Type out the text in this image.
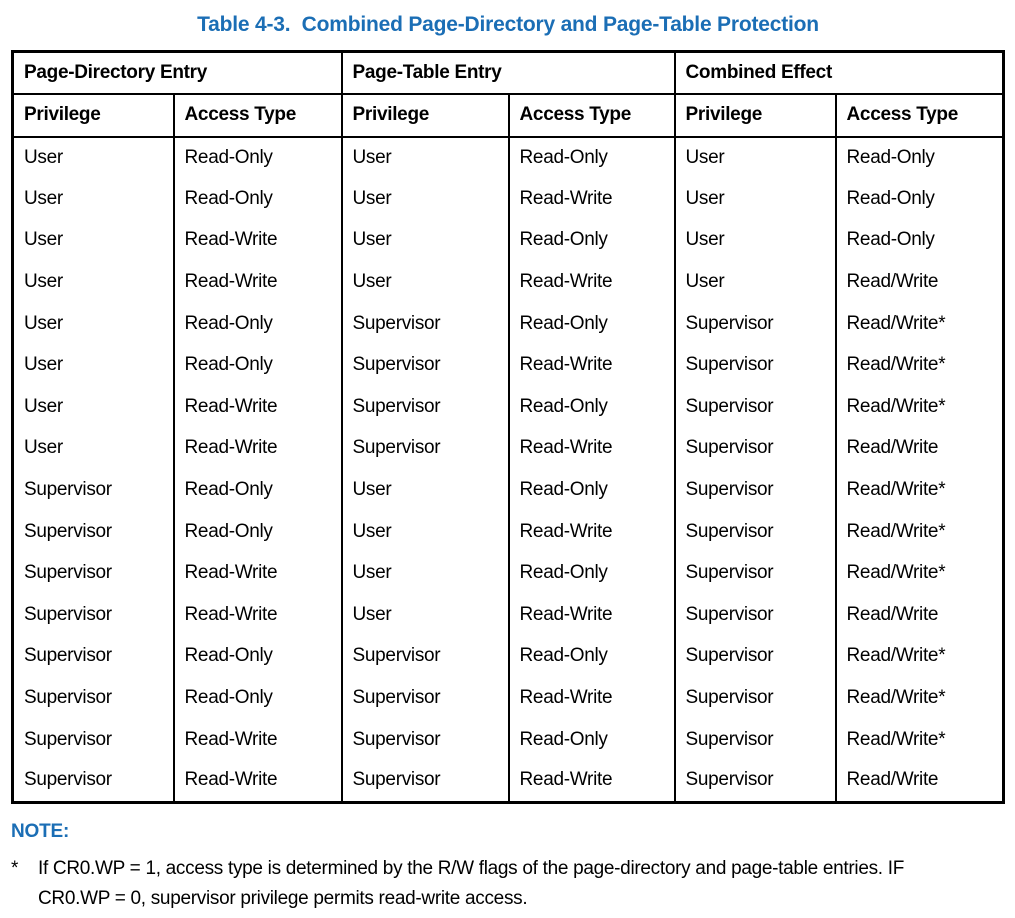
Table 4-3.  Combined Page-Directory and Page-Table Protection
Page-Directory Entry		Page-Table Entry		Combined Effect	
Privilege	Access Type	Privilege	Access Type	Privilege	Access Type
User	Read-Only	User	Read-Only	User	Read-Only
User	Read-Only	User	Read-Write	User	Read-Only
User	Read-Write	User	Read-Only	User	Read-Only
User	Read-Write	User	Read-Write	User	Read/Write
User	Read-Only	Supervisor	Read-Only	Supervisor	Read/Write*
User	Read-Only	Supervisor	Read-Write	Supervisor	Read/Write*
User	Read-Write	Supervisor	Read-Only	Supervisor	Read/Write*
User	Read-Write	Supervisor	Read-Write	Supervisor	Read/Write
Supervisor	Read-Only	User	Read-Only	Supervisor	Read/Write*
Supervisor	Read-Only	User	Read-Write	Supervisor	Read/Write*
Supervisor	Read-Write	User	Read-Only	Supervisor	Read/Write*
Supervisor	Read-Write	User	Read-Write	Supervisor	Read/Write
Supervisor	Read-Only	Supervisor	Read-Only	Supervisor	Read/Write*
Supervisor	Read-Only	Supervisor	Read-Write	Supervisor	Read/Write*
Supervisor	Read-Write	Supervisor	Read-Only	Supervisor	Read/Write*
Supervisor	Read-Write	Supervisor	Read-Write	Supervisor	Read/Write
NOTE:
*	If CR0.WP = 1, access type is determined by the R/W flags of the page-directory and page-table entries. IF CR0.WP = 0, supervisor privilege permits read-write access.
